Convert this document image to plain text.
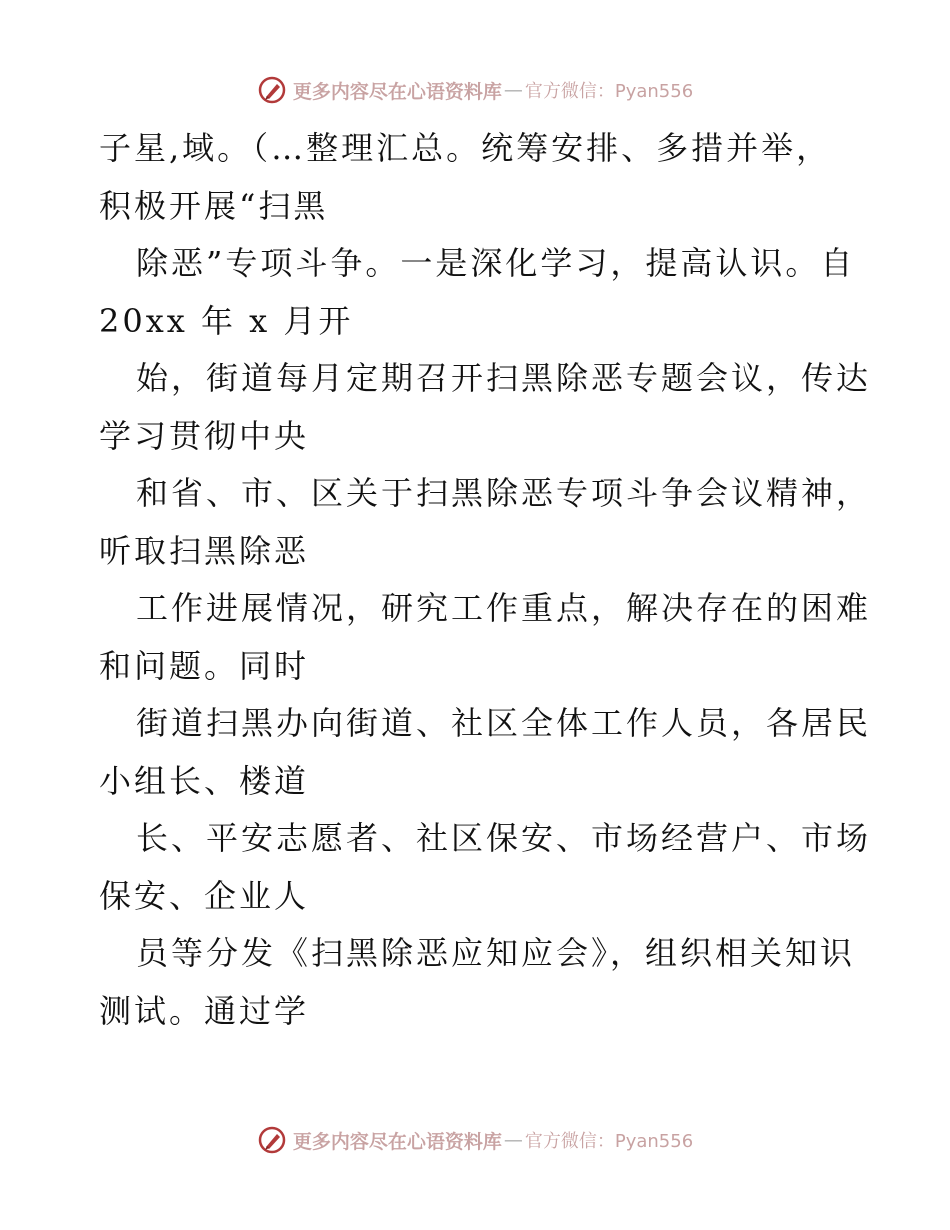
更多内容尽在心语资料库 — 官方微信：Pyan556
子星,域。（…整理汇总。统筹安排、多措并举，
积极开展“扫黑
除恶”专项斗争。一是深化学习，提高认识。自
20xx 年 x 月开
始，街道每月定期召开扫黑除恶专题会议，传达
学习贯彻中央
和省、市、区关于扫黑除恶专项斗争会议精神，
听取扫黑除恶
工作进展情况，研究工作重点，解决存在的困难
和问题。同时
街道扫黑办向街道、社区全体工作人员，各居民
小组长、楼道
长、平安志愿者、社区保安、市场经营户、市场
保安、企业人
员等分发《扫黑除恶应知应会》，组织相关知识
测试。通过学
更多内容尽在心语资料库 — 官方微信：Pyan556
